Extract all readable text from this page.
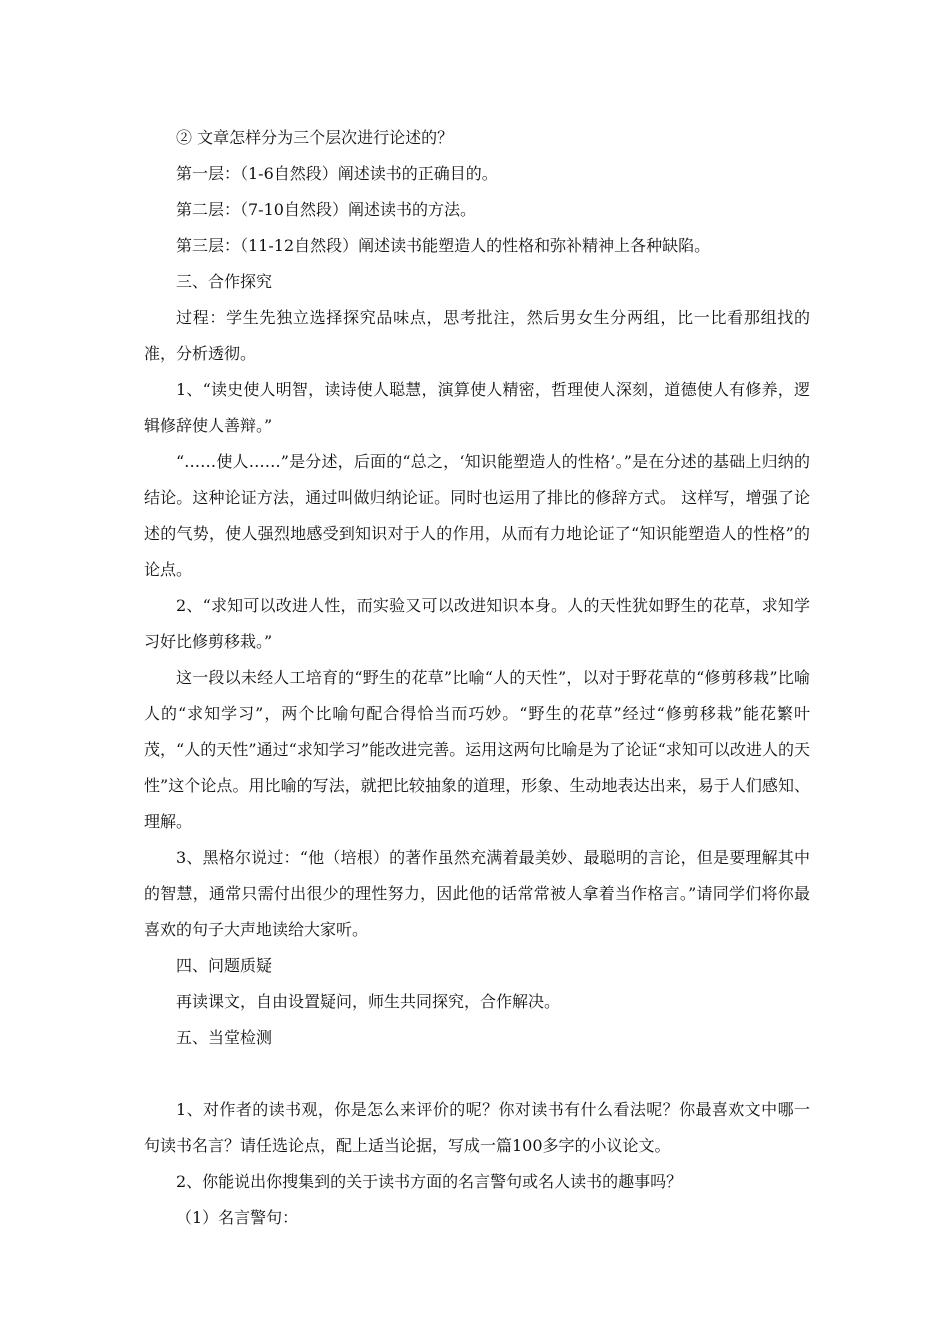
② 文章怎样分为三个层次进行论述的？

第一层：（1-6自然段）阐述读书的正确目的。

第二层：（7-10自然段）阐述读书的方法。

第三层：（11-12自然段）阐述读书能塑造人的性格和弥补精神上各种缺陷。

三、合作探究

过程：学生先独立选择探究品味点，思考批注，然后男女生分两组，比一比看那组找的准，分析透彻。

1、“读史使人明智，读诗使人聪慧，演算使人精密，哲理使人深刻，道德使人有修养，逻辑修辞使人善辩。”

“……使人……”是分述，后面的“总之，‘知识能塑造人的性格’。”是在分述的基础上归纳的结论。这种论证方法，通过叫做归纳论证。同时也运用了排比的修辞方式。 这样写，增强了论述的气势，使人强烈地感受到知识对于人的作用，从而有力地论证了“知识能塑造人的性格”的论点。

2、“求知可以改进人性，而实验又可以改进知识本身。人的天性犹如野生的花草，求知学习好比修剪移栽。”

这一段以未经人工培育的“野生的花草”比喻“人的天性”，以对于野花草的“修剪移栽”比喻人的“求知学习”，两个比喻句配合得恰当而巧妙。“野生的花草”经过“修剪移栽”能花繁叶茂，“人的天性”通过“求知学习”能改进完善。运用这两句比喻是为了论证“求知可以改进人的天性”这个论点。用比喻的写法，就把比较抽象的道理，形象、生动地表达出来，易于人们感知、理解。

3、黑格尔说过：“他（培根）的著作虽然充满着最美妙、最聪明的言论，但是要理解其中的智慧，通常只需付出很少的理性努力，因此他的话常常被人拿着当作格言。”请同学们将你最喜欢的句子大声地读给大家听。

四、问题质疑

再读课文，自由设置疑问，师生共同探究，合作解决。

五、当堂检测

1、对作者的读书观，你是怎么来评价的呢？你对读书有什么看法呢？你最喜欢文中哪一句读书名言？请任选论点，配上适当论据，写成一篇100多字的小议论文。

2、你能说出你搜集到的关于读书方面的名言警句或名人读书的趣事吗？

（1）名言警句：
